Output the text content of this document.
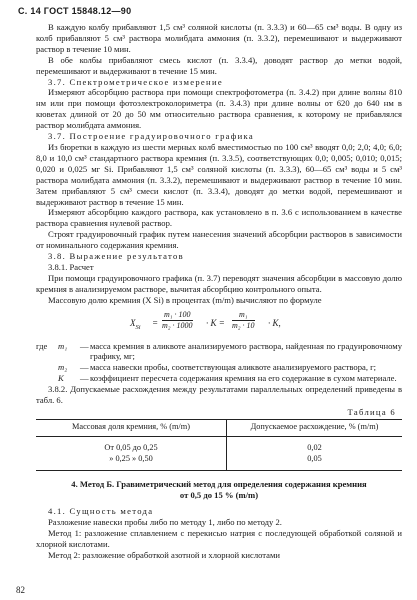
С. 14 ГОСТ 15848.12—90

В каждую колбу прибавляют 1,5 см³ соляной кислоты (п. 3.3.3) и 60—65 см³ воды. В одну из колб прибавляют 5 см³ раствора молибдата аммония (п. 3.3.2), перемешивают и выдерживают раствор в течение 10 мин.

В обе колбы прибавляют смесь кислот (п. 3.3.4), доводят раствор до метки водой, перемешивают и выдерживают в течение 15 мин.

3.7. Спектрометрическое измерение

Измеряют абсорбцию раствора при помощи спектрофотометра (п. 3.4.2) при длине волны 810 нм или при помощи фотоэлектроколориметра (п. 3.4.3) при длине волны от 620 до 640 нм в кюветах длиной от 20 до 50 мм относительно раствора сравнения, к которому не прибавлялся раствор молибдата аммония.

3.7. Построение градуировочного графика

Из бюретки в каждую из шести мерных колб вместимостью по 100 см³ вводят 0,0; 2,0; 4,0; 6,0; 8,0 и 10,0 см³ стандартного раствора кремния (п. 3.3.5), соответствующих 0,0; 0,005; 0,010; 0,015; 0,020 и 0,025 мг Si. Прибавляют 1,5 см³ соляной кислоты (п. 3.3.3), 60—65 см³ воды и 5 см³ раствора молибдата аммония (п. 3.3.2), перемешивают и выдерживают раствор в течение 10 мин. Затем прибавляют 5 см³ смеси кислот (п. 3.3.4), доводят до метки водой, перемешивают и выдерживают раствор в течение 15 мин.

Измеряют абсорбцию каждого раствора, как установлено в п. 3.6 с использованием в качестве раствора сравнения нулевой раствор.

Строят градуировочный график путем нанесения значений абсорбции растворов в зависимости от номинального содержания кремния.

3.8. Выражение результатов

3.8.1. Расчет

При помощи градуировочного графика (п. 3.7) переводят значения абсорбции в массовую долю кремния в анализируемом растворе, вычитая абсорбцию контрольного опыта.

Массовую долю кремния (X Si) в процентах (m/m) вычисляют по формуле

$X_{Si}$ =
m₁ · 100
m₂ · 1000 · K =
m₁
m₂ · 10 · K,
где	m₁	— масса кремния в аликвоте анализируемого раствора, найденная по градуировочному графику, мг;
m₂	— масса навески пробы, соответствующая аликвоте анализируемого раствора, г;
K	— коэффициент пересчета содержания кремния на его содержание в сухом материале.

3.8.2. Допускаемые расхождения между результатами параллельных определений приведены в табл. 6.

Таблица 6
Массовая доля кремния, % (m/m)	Допускаемое расхождение, % (m/m)

От 0,05 до 0,25	0,02
» 0,25 » 0,50	0,05

4. Метод Б. Гравиметрический метод для определения содержания кремния
от 0,5 до 15 % (m/m)

4.1. Сущность метода

Разложение навески пробы либо по методу 1, либо по методу 2.

Метод 1: разложение сплавлением с перекисью натрия с последующей обработкой соляной и хлорной кислотами.

Метод 2: разложение обработкой азотной и хлорной кислотами

82
